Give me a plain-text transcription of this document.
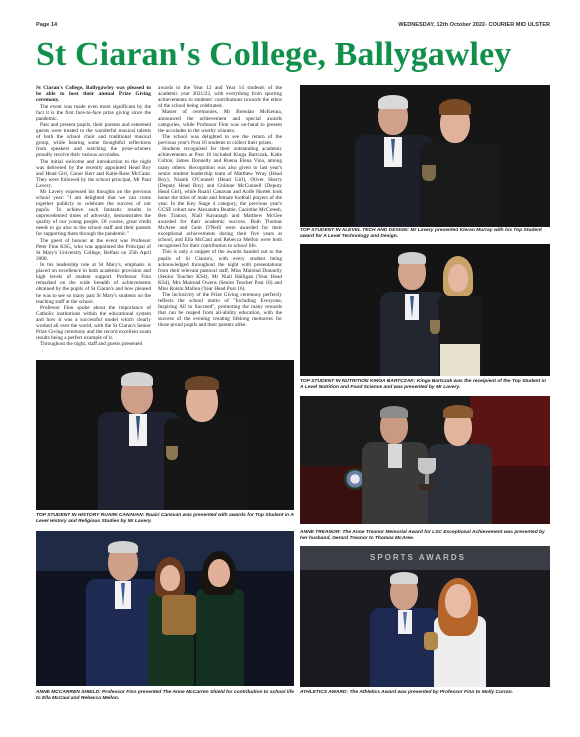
Page 14	WEDNESDAY, 12th October 2022- COURIER MID ULSTER
St Ciaran's College, Ballygawley

St Ciaran's College, Ballygawley was pleased to be able to host their annual Prize Giving ceremony.

The event was made even more significant by the fact it is the first face-to-face prize giving since the pandemic.

Past and present pupils, their parents and esteemed guests were treated to the wonderful musical talents of both the school choir and traditional musical group, while hearing some thoughtful reflections from speakers and watching the prize-winners proudly receive their various accolades.

The initial welcome and introduction to the night was delivered by the recently appointed Head Boy and Head Girl, Conor Kerr and Katie-Rose McCann. They were followed by the school principal, Mr Paul Lavery.

Mr Lavery expressed his thoughts on the previous school year: "I am delighted that we can come together publicly to celebrate the success of our pupils. To achieve such fantastic results in unprecedented times of adversity, demonstrates the quality of our young people. Of course, great credit needs to go also to the school staff and their parents for supporting them through the pandemic."

The guest of honour at the event was Professor Peter Finn KSG, who was appointed the Principal of St Mary's University College, Belfast on 25th April 2008.

In his leadership role at St Mary's, emphasis is placed on excellence in both academic provision and high levels of student support. Professor Finn remarked on the wide breadth of achievements obtained by the pupils of St Ciaran's and how pleased he was to see so many past St Mary's students on the teaching staff at the school.

Professor Finn spoke about the importance of Catholic institutions within the educational system and how it was a successful model which clearly worked all over the world, with the St Ciaran's Senior Prize Giving ceremony and the record excellent exam results being a perfect example of it.

Throughout the night, staff and guests presented

awards to the Year 12 and Year 14 students of the academic year 2021/22, with everything from sporting achievements to students' contributions towards the ethos of the school being celebrated.

Master of ceremonies, Mr Brendan McKenna, announced the achievement and special awards categories, while Professor Finn was on-hand to present the accolades to the worthy winners.

The school was delighted to see the return of the previous year's Post 16 students to collect their prizes.

Students recognised for their outstanding academic achievements at Post 16 included Kinga Bartczak, Katie Colton, James Donnelly and Ruena Elena Vina, among many others. Recognition was also given to last year's senior student leadership team of Matthew Wray (Head Boy), Niamh O'Connell (Head Girl), Oliver Sherry (Deputy Head Boy) and Gráinne McConnell (Deputy Head Girl), while Ruairí Canavan and Aoife Hortek took home the titles of male and female football players of the year. In the Key Stage 4 category, the previous year's GCSE cohort saw Alexandra Beattie, Caoimhe McCreesh, Ben Trainor, Niall Kavanagh and Matthew McGee awarded for their academic success. Both Thomas McAree and Gem O'Neill were awarded for their exceptional achievements during their five years at school, and Ella McCaul and Rebecca Mellon were both recognised for their contribution to school life.

This is only a snippet of the awards handed out to the pupils of St Ciaran's, with every student being acknowledged throughout the night with presentations from their relevant pastoral staff, Miss Mairéad Donnelly (Senior Teacher KS4), Mr Niall Halligan (Year Head KS4), Mrs Mairead Owens (Senior Teacher Post 16) and Miss Roisin Mallon (Year Head Post 16).

The inclusivity of the Prize Giving ceremony perfectly reflects the school motto of "Including Everyone, Inspiring All to Succeed", promoting the many rewards that can be reaped from all-ability education, with the success of the evening creating lifelong memories for those proud pupils and their parents alike.

TOP STUDENT IN ALEVEL TECH AND DESIGN: Mr Lavery presented Kieran Murray with his Top Student award for A Level Technology and Design.
TOP STUDENT IN NUTRITION KINGA BARTCZAK: Kinga Bartczak was the receipient of the Top Student in A Level Nutrition and Food Science and was presented by Mr Lavery.
TOP STUDENT IN HISTORY RUAIRI CANAVAN: Ruairi Canavan was presented with awards for Top Student in A Level History and Religious Studies by Mr Lavery.
ANNE TREANOR: The Anne Treanor Memorial Award for LSC Exceptional Achievement was presented by her husband, Gerard Treanor to Thomas McAree.
ANNE MCCARREN SHIELD: Professor Finn presented The Anne McCarren Shield for contribution to school life to Ella McCaul and Rebecca Mellon.
SPORTS AWARDS
ATHLETICS AWARD: The Athletics Award was presented by Professor Finn to Molly Curran.
